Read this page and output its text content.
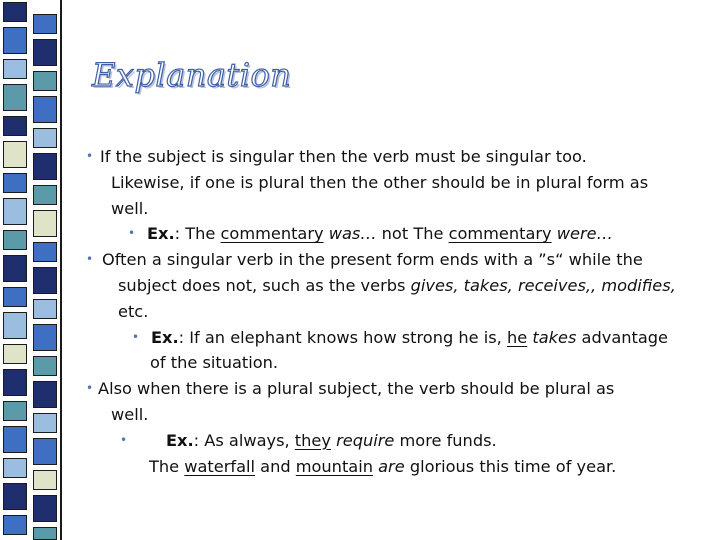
Explanation
• If the subject is singular then the verb must be singular too.
Likewise, if one is plural then the other should be in plural form as
well.
• Ex.: The commentary was… not The commentary were…
• Often a singular verb in the present form ends with a ”s“ while the
subject does not, such as the verbs gives, takes, receives,, modifies,
etc.
• Ex.: If an elephant knows how strong he is, he takes advantage
of the situation.
• Also when there is a plural subject, the verb should be plural as
well.
• Ex.: As always, they require more funds.
The waterfall and mountain are glorious this time of year.
